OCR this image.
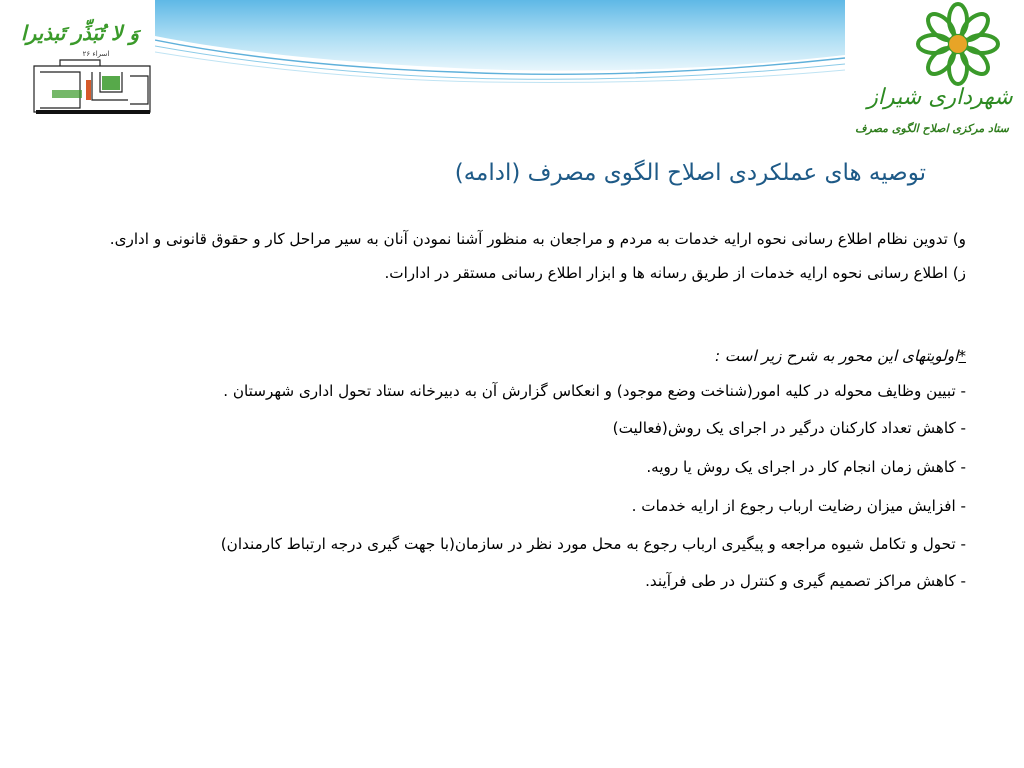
وَ لا تُبَذِّر تَبذیرا
اسراء ۲۶
شهرداری شیراز
ستاد مرکزی اصلاح الگوی مصرف
توصیه های عملکردی اصلاح الگوی مصرف (ادامه)

و) تدوین نظام اطلاع رسانی نحوه ارایه خدمات به مردم و مراجعان به منظور آشنا نمودن آنان به سیر مراحل کار و حقوق قانونی و اداری.

ز) اطلاع رسانی نحوه ارایه خدمات از طریق رسانه ها و ابزار اطلاع رسانی مستقر در ادارات.

*اولویتهای این محور به شرح زیر است :

- تبیین وظایف محوله در کلیه امور(شناخت وضع موجود) و انعکاس گزارش آن به دبیرخانه ستاد تحول اداری شهرستان .

- کاهش تعداد کارکنان درگیر در اجرای یک روش(فعالیت)

- کاهش زمان انجام کار در اجرای یک روش یا رویه.

- افزایش میزان رضایت ارباب رجوع از ارایه خدمات .

- تحول و تکامل شیوه مراجعه و پیگیری ارباب رجوع به محل مورد نظر در سازمان(با جهت گیری درجه ارتباط کارمندان)

- کاهش مراکز تصمیم گیری و کنترل در طی فرآیند.
